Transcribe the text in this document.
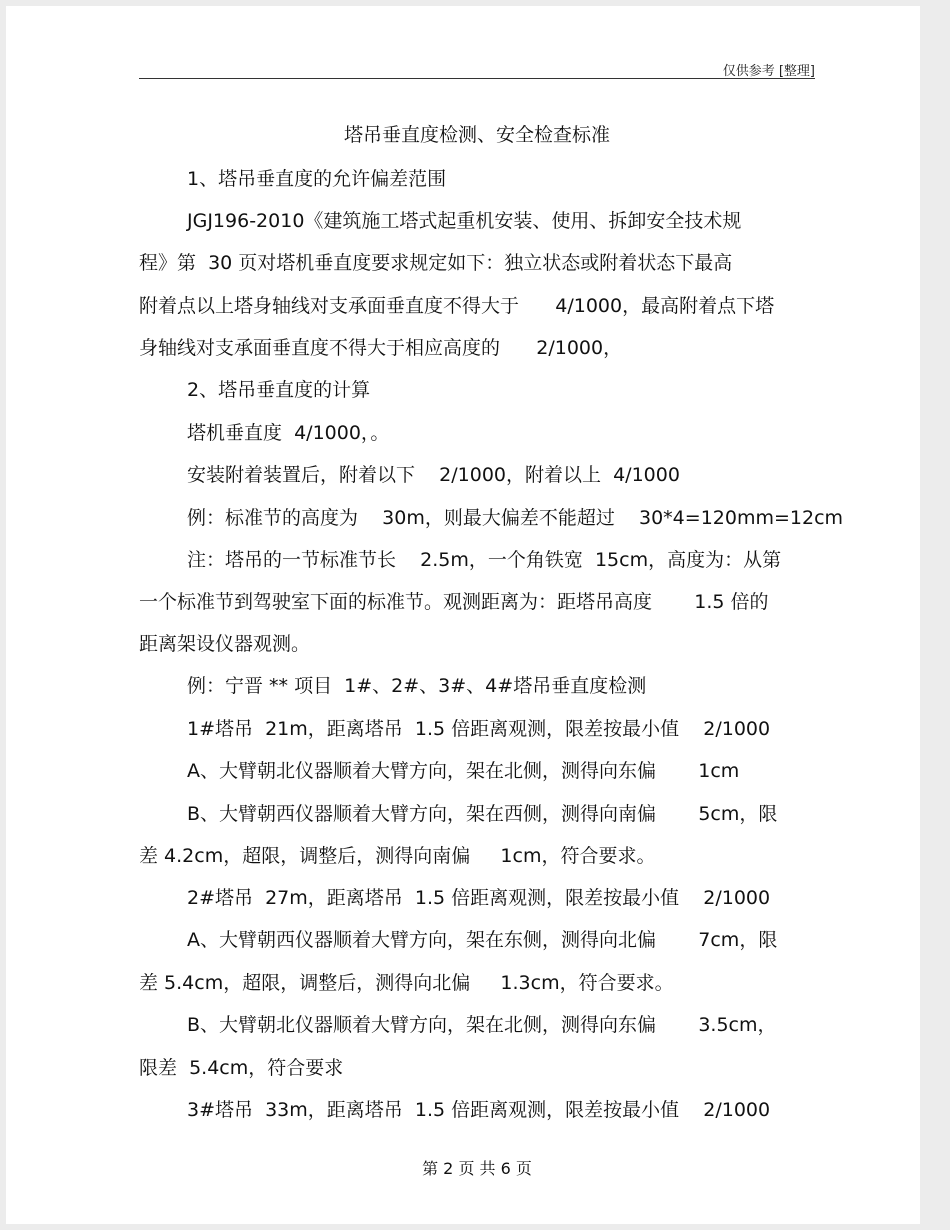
仅供参考 [整理]
塔吊垂直度检测、安全检查标准
1、塔吊垂直度的允许偏差范围
JGJ196-2010《建筑施工塔式起重机安装、使用、拆卸安全技术规
程》第  30 页对塔机垂直度要求规定如下：独立状态或附着状态下最高
附着点以上塔身轴线对支承面垂直度不得大于      4/1000，最高附着点下塔
身轴线对支承面垂直度不得大于相应高度的      2/1000，
2、塔吊垂直度的计算
塔机垂直度  4/1000，。
安装附着装置后，附着以下    2/1000，附着以上  4/1000
例：标准节的高度为    30m，则最大偏差不能超过    30*4=120mm=12cm
注：塔吊的一节标准节长    2.5m，一个角铁宽  15cm，高度为：从第
一个标准节到驾驶室下面的标准节。观测距离为：距塔吊高度       1.5 倍的
距离架设仪器观测。
例：宁晋 ** 项目  1#、2#、3#、4#塔吊垂直度检测
1#塔吊  21m，距离塔吊  1.5 倍距离观测，限差按最小值    2/1000
A、大臂朝北仪器顺着大臂方向，架在北侧，测得向东偏       1cm
B、大臂朝西仪器顺着大臂方向，架在西侧，测得向南偏       5cm，限
差 4.2cm，超限，调整后，测得向南偏     1cm，符合要求。
2#塔吊  27m，距离塔吊  1.5 倍距离观测，限差按最小值    2/1000
A、大臂朝西仪器顺着大臂方向，架在东侧，测得向北偏       7cm，限
差 5.4cm，超限，调整后，测得向北偏     1.3cm，符合要求。
B、大臂朝北仪器顺着大臂方向，架在北侧，测得向东偏       3.5cm，
限差  5.4cm，符合要求
3#塔吊  33m，距离塔吊  1.5 倍距离观测，限差按最小值    2/1000
第 2 页 共 6 页
